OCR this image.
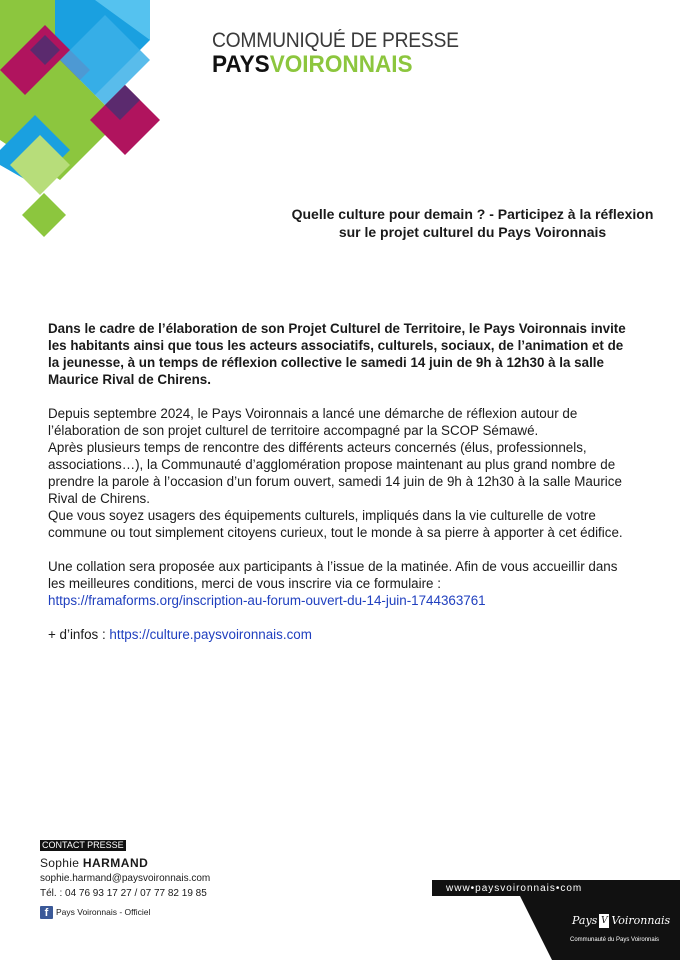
COMMUNIQUÉ DE PRESSE
PAYSVOIRONNAIS
Quelle culture pour demain ? - Participez à la réflexion sur le projet culturel du Pays Voironnais

Dans le cadre de l’élaboration de son Projet Culturel de Territoire, le Pays Voironnais invite les habitants ainsi que tous les acteurs associatifs, culturels, sociaux, de l’animation et de la jeunesse, à un temps de réflexion collective le samedi 14 juin de 9h à 12h30 à la salle Maurice Rival de Chirens.

Depuis septembre 2024, le Pays Voironnais a lancé une démarche de réflexion autour de l’élaboration de son projet culturel de territoire accompagné par la SCOP Sémawé.

Après plusieurs temps de rencontre des différents acteurs concernés (élus, professionnels, associations…), la Communauté d’agglomération propose maintenant au plus grand nombre de prendre la parole à l’occasion d’un forum ouvert, samedi 14 juin de 9h à 12h30 à la salle Maurice Rival de Chirens.

Que vous soyez usagers des équipements culturels, impliqués dans la vie culturelle de votre commune ou tout simplement citoyens curieux, tout le monde à sa pierre à apporter à cet édifice.

Une collation sera proposée aux participants à l’issue de la matinée. Afin de vous accueillir dans les meilleures conditions, merci de vous inscrire via ce formulaire :

https://framaforms.org/inscription-au-forum-ouvert-du-14-juin-1744363761

+ d’infos : https://culture.paysvoironnais.com

CONTACT PRESSE
Sophie HARMAND
sophie.harmand@paysvoironnais.com
Tél. : 04 76 93 17 27 / 07 77 82 19 85
f Pays Voironnais - Officiel
www•paysvoironnais•com
Pays V Voironnais
Communauté du Pays Voironnais
